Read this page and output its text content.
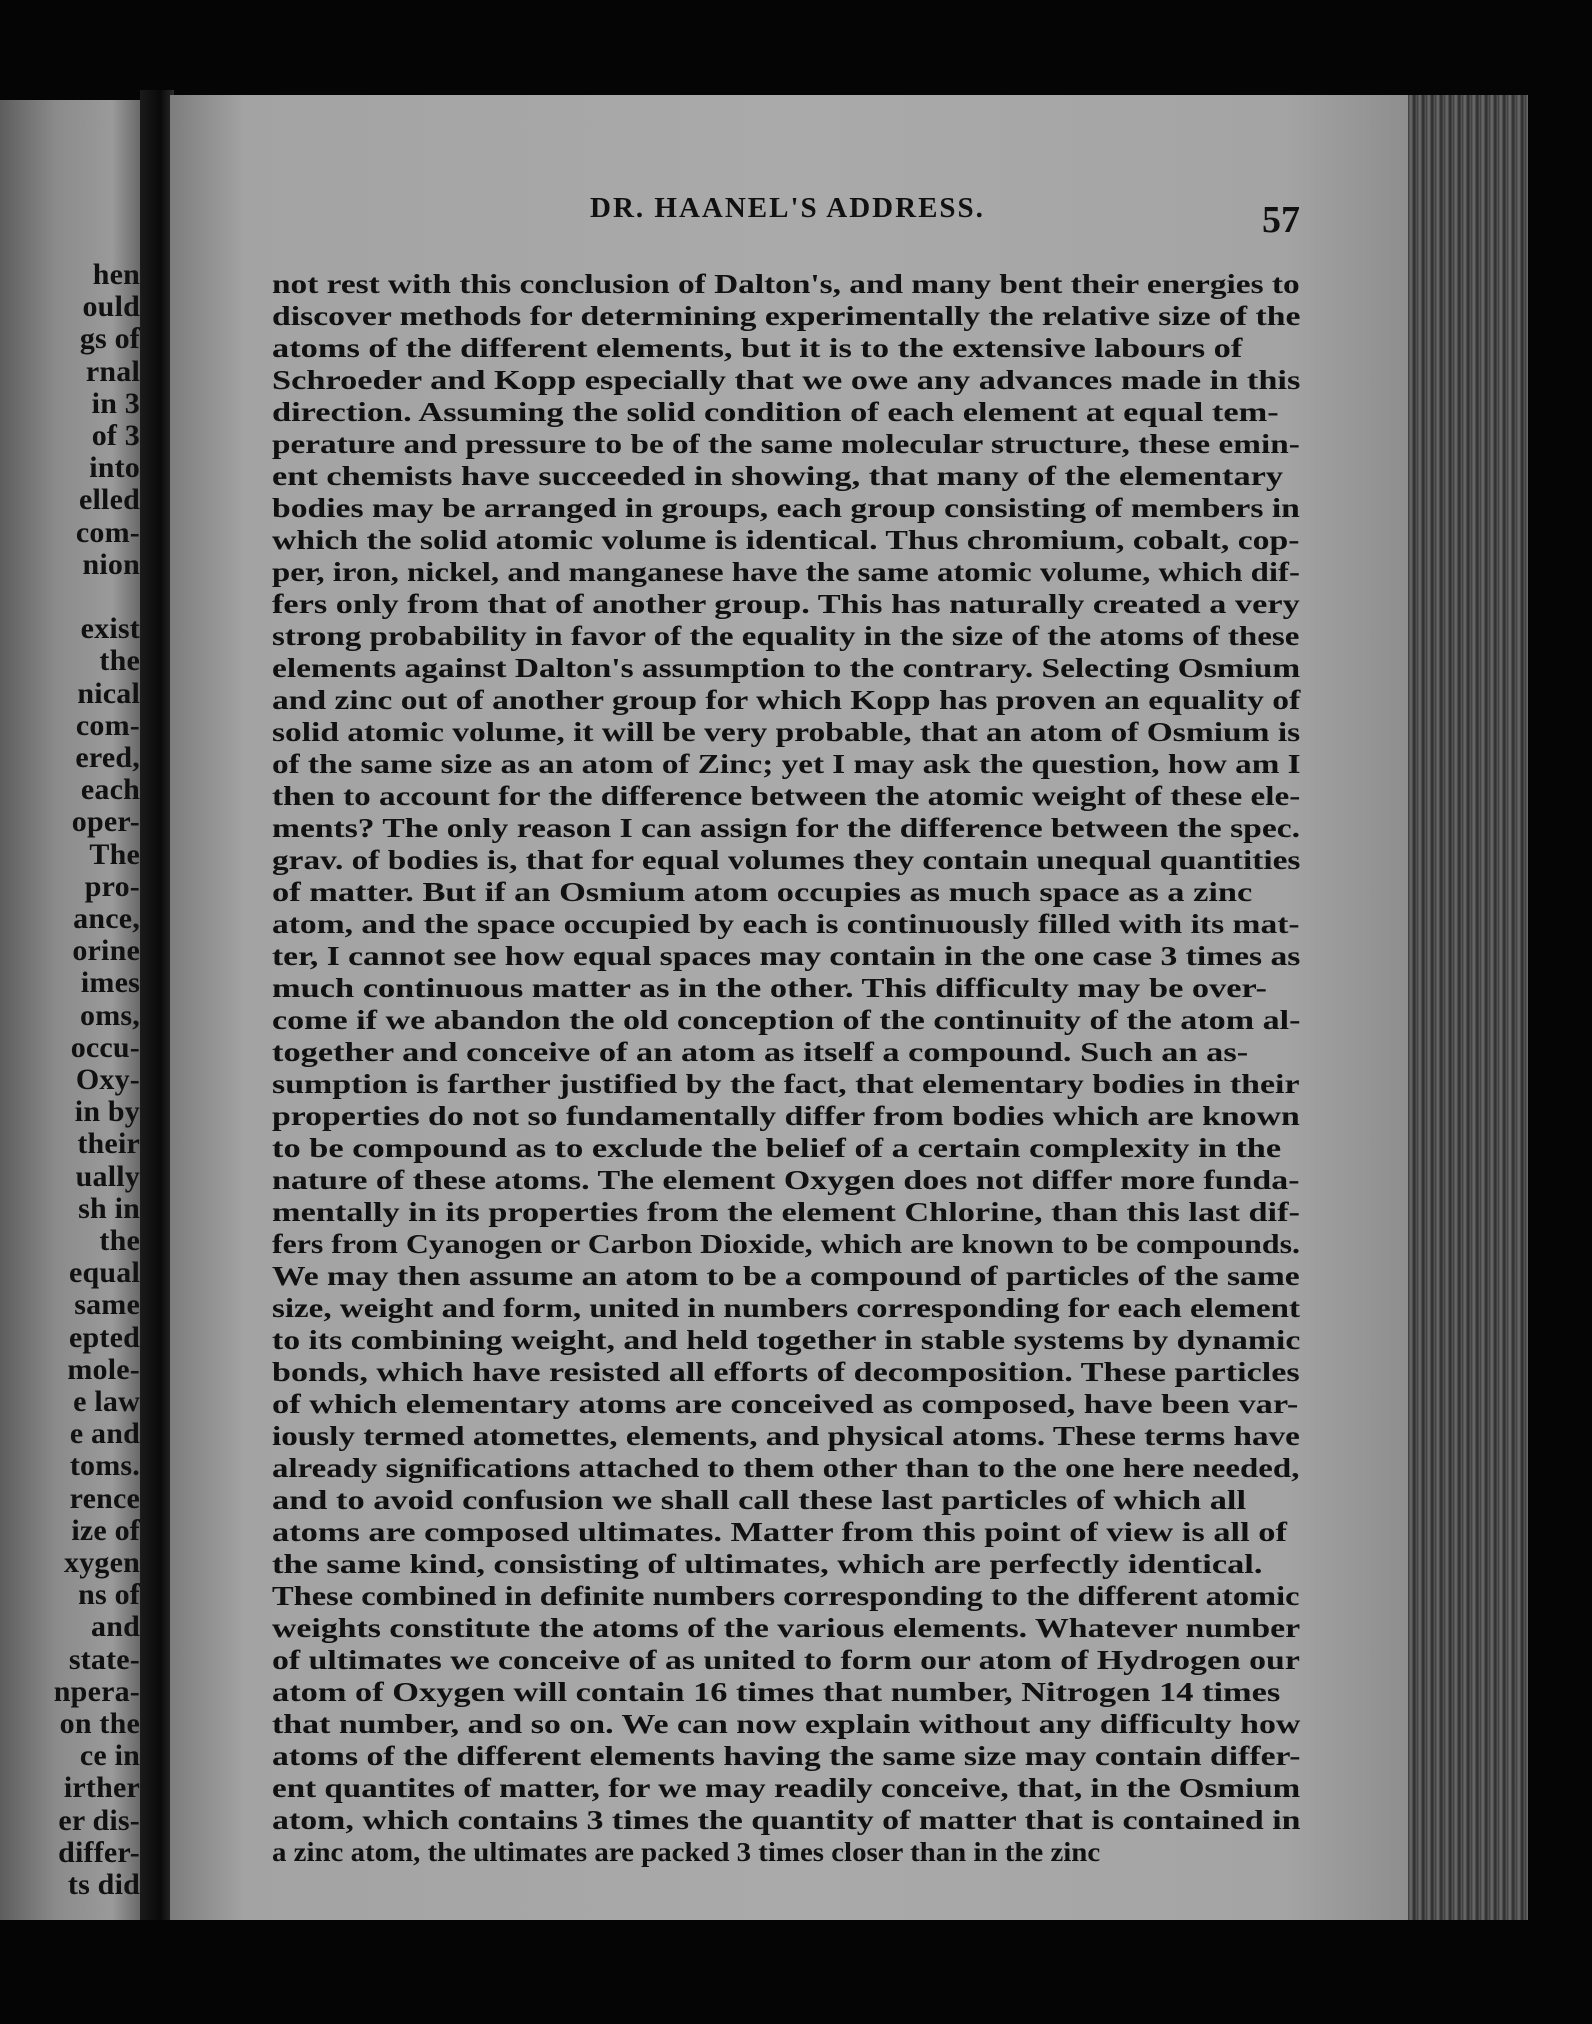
hen
ould
gs of
rnal
in 3
of 3
into
elled
com-
nion
exist
the
nical
com-
ered,
each
oper-
The
pro-
ance,
orine
imes
oms,
occu-
Oxy-
in by
their
ually
sh in
the
equal
same
epted
mole-
e law
e and
toms.
rence
ize of
xygen
ns of
and
state-
npera-
on the
ce in
irther
er dis-
differ-
ts did
DR. HAANEL'S ADDRESS.	57
not rest with this conclusion of Dalton's, and many bent their energies to
discover methods for determining experimentally the relative size of the
atoms of the different elements, but it is to the extensive labours of
Schroeder and Kopp especially that we owe any advances made in this
direction. Assuming the solid condition of each element at equal tem-
perature and pressure to be of the same molecular structure, these emin-
ent chemists have succeeded in showing, that many of the elementary
bodies may be arranged in groups, each group consisting of members in
which the solid atomic volume is identical. Thus chromium, cobalt, cop-
per, iron, nickel, and manganese have the same atomic volume, which dif-
fers only from that of another group. This has naturally created a very
strong probability in favor of the equality in the size of the atoms of these
elements against Dalton's assumption to the contrary. Selecting Osmium
and zinc out of another group for which Kopp has proven an equality of
solid atomic volume, it will be very probable, that an atom of Osmium is
of the same size as an atom of Zinc; yet I may ask the question, how am I
then to account for the difference between the atomic weight of these ele-
ments? The only reason I can assign for the difference between the spec.
grav. of bodies is, that for equal volumes they contain unequal quantities
of matter. But if an Osmium atom occupies as much space as a zinc
atom, and the space occupied by each is continuously filled with its mat-
ter, I cannot see how equal spaces may contain in the one case 3 times as
much continuous matter as in the other. This difficulty may be over-
come if we abandon the old conception of the continuity of the atom al-
together and conceive of an atom as itself a compound. Such an as-
sumption is farther justified by the fact, that elementary bodies in their
properties do not so fundamentally differ from bodies which are known
to be compound as to exclude the belief of a certain complexity in the
nature of these atoms. The element Oxygen does not differ more funda-
mentally in its properties from the element Chlorine, than this last dif-
fers from Cyanogen or Carbon Dioxide, which are known to be compounds.
We may then assume an atom to be a compound of particles of the same
size, weight and form, united in numbers corresponding for each element
to its combining weight, and held together in stable systems by dynamic
bonds, which have resisted all efforts of decomposition. These particles
of which elementary atoms are conceived as composed, have been var-
iously termed atomettes, elements, and physical atoms. These terms have
already significations attached to them other than to the one here needed,
and to avoid confusion we shall call these last particles of which all
atoms are composed ultimates. Matter from this point of view is all of
the same kind, consisting of ultimates, which are perfectly identical.
These combined in definite numbers corresponding to the different atomic
weights constitute the atoms of the various elements. Whatever number
of ultimates we conceive of as united to form our atom of Hydrogen our
atom of Oxygen will contain 16 times that number, Nitrogen 14 times
that number, and so on. We can now explain without any difficulty how
atoms of the different elements having the same size may contain differ-
ent quantites of matter, for we may readily conceive, that, in the Osmium
atom, which contains 3 times the quantity of matter that is contained in
a zinc atom, the ultimates are packed 3 times closer than in the zinc
